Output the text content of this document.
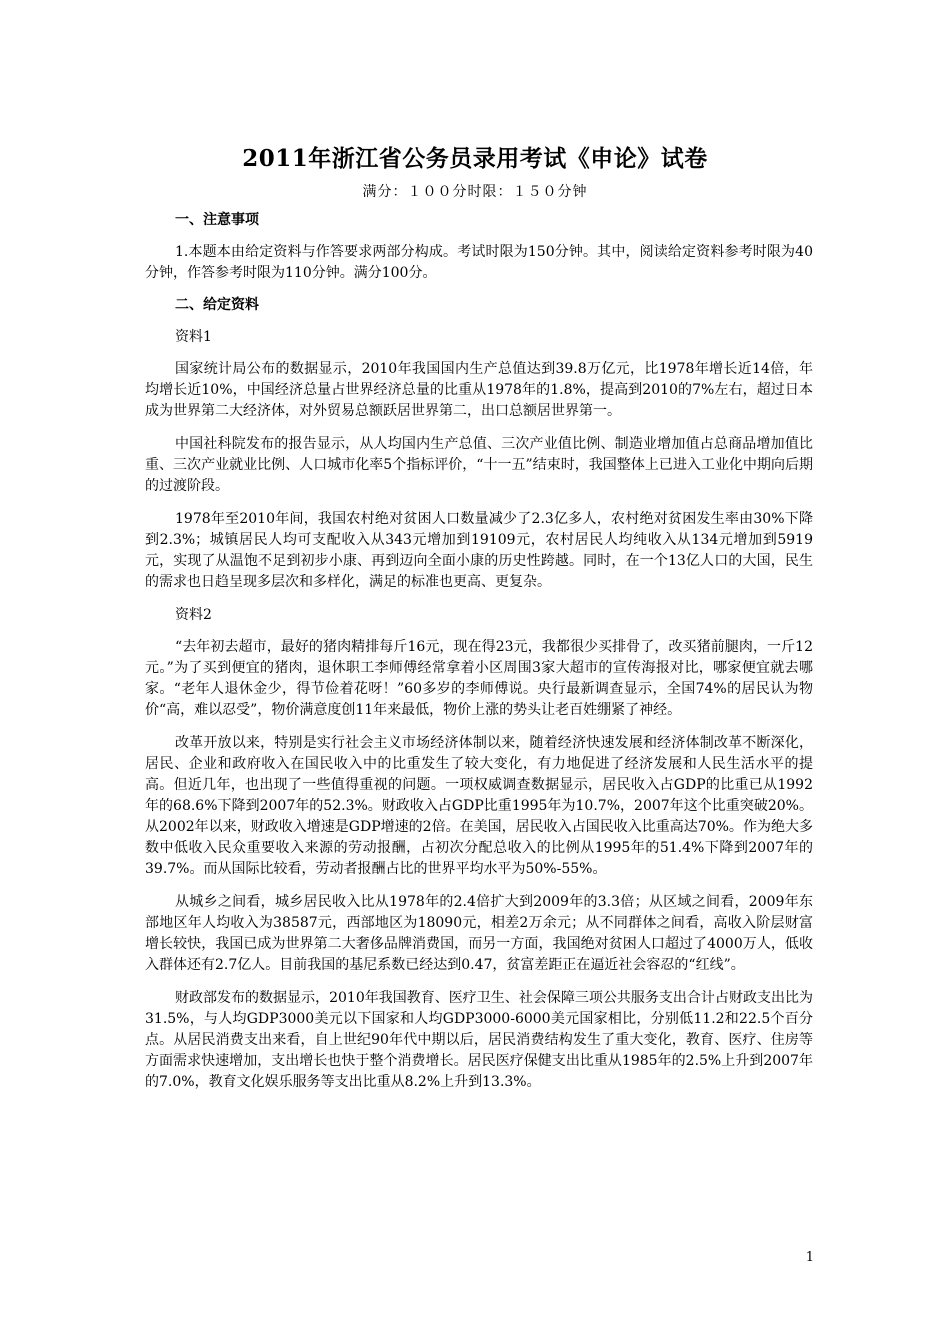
2011年浙江省公务员录用考试《申论》试卷
满分：１００分时限：１５０分钟

一、注意事项

1.本题本由给定资料与作答要求两部分构成。考试时限为150分钟。其中，阅读给定资料参考时限为40分钟，作答参考时限为110分钟。满分100分。

二、给定资料

资料1

国家统计局公布的数据显示，2010年我国国内生产总值达到39.8万亿元，比1978年增长近14倍，年均增长近10%，中国经济总量占世界经济总量的比重从1978年的1.8%，提高到2010的7%左右，超过日本成为世界第二大经济体，对外贸易总额跃居世界第二，出口总额居世界第一。

中国社科院发布的报告显示，从人均国内生产总值、三次产业值比例、制造业增加值占总商品增加值比重、三次产业就业比例、人口城市化率5个指标评价，“十一五”结束时，我国整体上已进入工业化中期向后期的过渡阶段。

1978年至2010年间，我国农村绝对贫困人口数量减少了2.3亿多人，农村绝对贫困发生率由30%下降到2.3%；城镇居民人均可支配收入从343元增加到19109元，农村居民人均纯收入从134元增加到5919元，实现了从温饱不足到初步小康、再到迈向全面小康的历史性跨越。同时，在一个13亿人口的大国，民生的需求也日趋呈现多层次和多样化，满足的标准也更高、更复杂。

资料2

“去年初去超市，最好的猪肉精排每斤16元，现在得23元，我都很少买排骨了，改买猪前腿肉，一斤12元。”为了买到便宜的猪肉，退休职工李师傅经常拿着小区周围3家大超市的宣传海报对比，哪家便宜就去哪家。“老年人退休金少，得节俭着花呀！”60多岁的李师傅说。央行最新调查显示，全国74%的居民认为物价“高，难以忍受”，物价满意度创11年来最低，物价上涨的势头让老百姓绷紧了神经。

改革开放以来，特别是实行社会主义市场经济体制以来，随着经济快速发展和经济体制改革不断深化，居民、企业和政府收入在国民收入中的比重发生了较大变化，有力地促进了经济发展和人民生活水平的提高。但近几年，也出现了一些值得重视的问题。一项权威调查数据显示，居民收入占GDP的比重已从1992年的68.6%下降到2007年的52.3%。财政收入占GDP比重1995年为10.7%，2007年这个比重突破20%。从2002年以来，财政收入增速是GDP增速的2倍。在美国，居民收入占国民收入比重高达70%。作为绝大多数中低收入民众重要收入来源的劳动报酬，占初次分配总收入的比例从1995年的51.4%下降到2007年的39.7%。而从国际比较看，劳动者报酬占比的世界平均水平为50%-55%。

从城乡之间看，城乡居民收入比从1978年的2.4倍扩大到2009年的3.3倍；从区域之间看，2009年东部地区年人均收入为38587元，西部地区为18090元，相差2万余元；从不同群体之间看，高收入阶层财富增长较快，我国已成为世界第二大奢侈品牌消费国，而另一方面，我国绝对贫困人口超过了4000万人，低收入群体还有2.7亿人。目前我国的基尼系数已经达到0.47，贫富差距正在逼近社会容忍的“红线”。

财政部发布的数据显示，2010年我国教育、医疗卫生、社会保障三项公共服务支出合计占财政支出比为31.5%，与人均GDP3000美元以下国家和人均GDP3000-6000美元国家相比，分别低11.2和22.5个百分点。从居民消费支出来看，自上世纪90年代中期以后，居民消费结构发生了重大变化，教育、医疗、住房等方面需求快速增加，支出增长也快于整个消费增长。居民医疗保健支出比重从1985年的2.5%上升到2007年的7.0%，教育文化娱乐服务等支出比重从8.2%上升到13.3%。

1
